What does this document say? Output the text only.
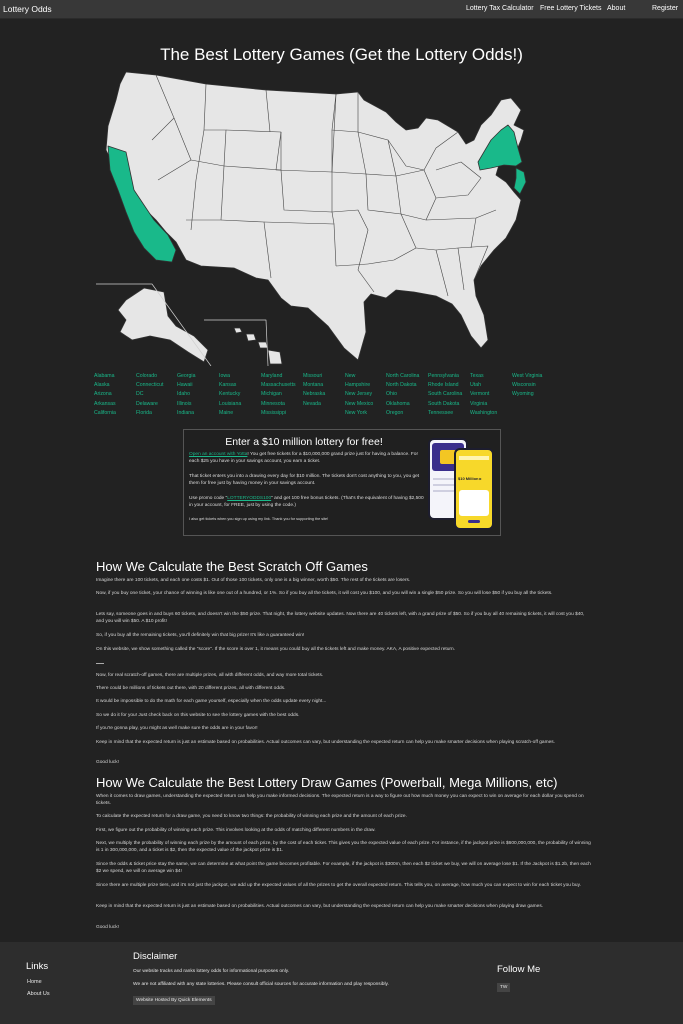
Lottery Odds	Lottery Tax Calculator Free Lottery Tickets About	Register
The Best Lottery Games (Get the Lottery Odds!)
Alabama
Alaska
Arizona
Arkansas
California
Colorado
Connecticut
DC
Delaware
Florida
Georgia
Hawaii
Idaho
Illinois
Indiana
Iowa
Kansas
Kentucky
Louisiana
Maine
Maryland
Massachusetts
Michigan
Minnesota
Mississippi
Missouri
Montana
Nebraska
Nevada
New Hampshire
New Jersey
New Mexico
New York
North Carolina
North Dakota
Ohio
Oklahoma
Oregon
Pennsylvania
Rhode Island
South Carolina
South Dakota
Tennessee
Texas
Utah
Vermont
Virginia
Washington
West Virginia
Wisconsin
Wyoming
Enter a $10 million lottery for free!
Open an account with Yotta! You get free tickets for a $10,000,000 grand prize just for having a balance. For each $25 you have in your savings account, you earn a ticket.
That ticket enters you into a drawing every day for $10 million. The tickets don't cost anything to you, you get them for free just by having money in your savings account.
Use promo code "LOTTERYODDS100" and get 100 free bonus tickets. (That's the equivalent of having $2,500 in your account, for FREE, just by using the code.)
I also get tickets when you sign up using my link. Thank you for supporting the site!
$10 Million ▸
How We Calculate the Best Scratch Off Games

Imagine there are 100 tickets, and each one costs $1. Out of those 100 tickets, only one is a big winner, worth $50. The rest of the tickets are losers.

Now, if you buy one ticket, your chance of winning is like one out of a hundred, or 1%. So if you buy all the tickets, it will cost you $100, and you will win a single $50 prize. So you will lose $50 if you buy all the tickets.

Lets say, someone goes in and buys 60 tickets, and doesn't win the $50 prize. That night, the lottery website updates. Now there are 40 tickets left, with a grand prize of $50. So if you buy all 40 remaining tickets, it will cost you $40, and you will win $50. A $10 profit!

So, if you buy all the remaining tickets, you'll definitely win that big prize! It's like a guaranteed win!

On this website, we show something called the "score". If the score is over 1, it means you could buy all the tickets left and make money. AKA, A positive expected return.

Now, for real scratch-off games, there are multiple prizes, all with different odds, and way more total tickets.

There could be millions of tickets out there, with 20 different prizes, all with different odds.

It would be impossible to do the math for each game yourself, especially when the odds update every night...

So we do it for you! Just check back on this website to see the lottery games with the best odds.

If you're gonna play, you might as well make sure the odds are in your favor!

Keep in mind that the expected return is just an estimate based on probabilities. Actual outcomes can vary, but understanding the expected return can help you make smarter decisions when playing scratch-off games.

Good luck!

How We Calculate the Best Lottery Draw Games (Powerball, Mega Millions, etc)

When it comes to draw games, understanding the expected return can help you make informed decisions. The expected return is a way to figure out how much money you can expect to win on average for each dollar you spend on tickets.

To calculate the expected return for a draw game, you need to know two things: the probability of winning each prize and the amount of each prize.

First, we figure out the probability of winning each prize. This involves looking at the odds of matching different numbers in the draw.

Next, we multiply the probability of winning each prize by the amount of each prize, by the cost of each ticket. This gives you the expected value of each prize. For instance, if the jackpot prize is $600,000,000, the probability of winning is 1 in 300,000,000, and a ticket is $2, then the expected value of the jackpot prize is $1.

Since the odds & ticket price stay the same, we can determine at what point the game becomes profitable. For example, if the jackpot is $300m, then each $2 ticket we buy, we will on average lose $1. If the Jackpot is $1.2b, then each $2 we spend, we will on average win $4!

Since there are multiple prize tiers, and it's not just the jackpot, we add up the expected values of all the prizes to get the overall expected return. This tells you, on average, how much you can expect to win for each ticket you buy.

Keep in mind that the expected return is just an estimate based on probabilities. Actual outcomes can vary, but understanding the expected return can help you make smarter decisions when playing draw games.

Good luck!

Links
Home
About Us
Disclaimer
Our website tracks and ranks lottery odds for informational purposes only.
We are not affiliated with any state lotteries. Please consult official sources for accurate information and play responsibly.
Website Hosted By Quick Elements
Follow Me
TW
